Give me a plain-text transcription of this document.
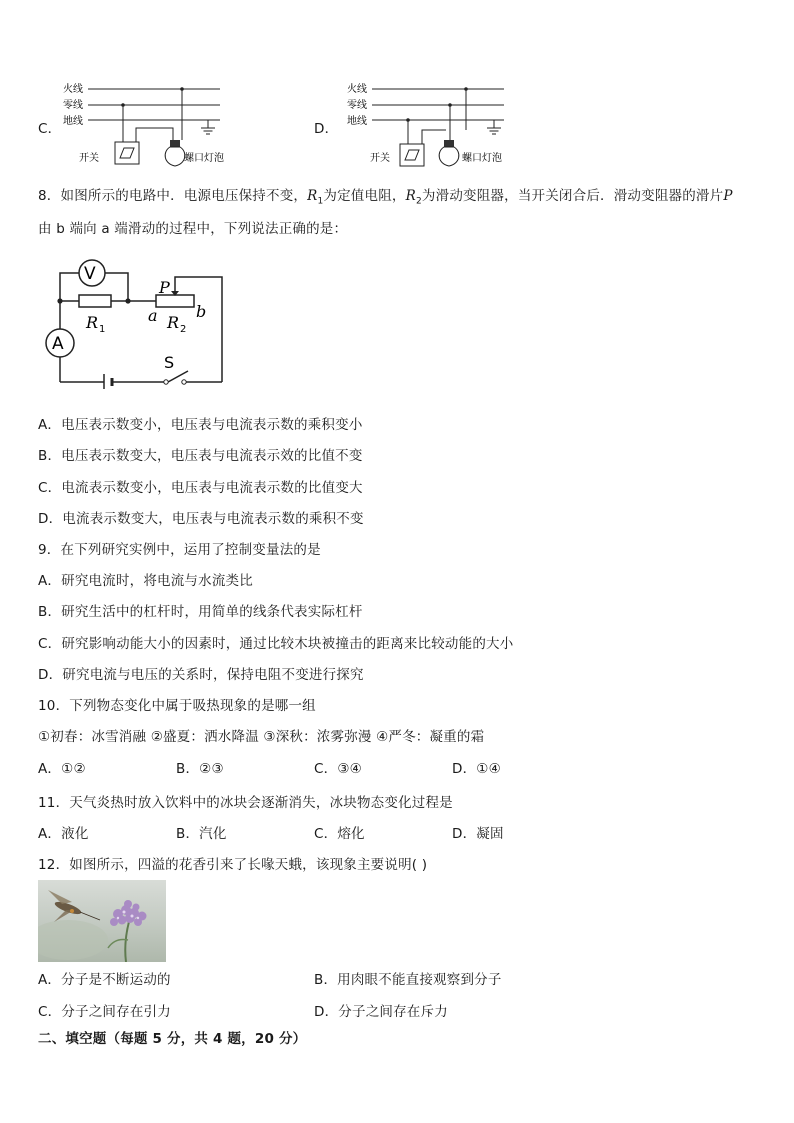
C．
火线
零线
地线
开关	螺口灯泡
D．
火线
零线
地线
开关	螺口灯泡
8．如图所示的电路中．电源电压保持不变，$R_1$为定值电阻，$R_2$为滑动变阻器，当开关闭合后．滑动变阻器的滑片P
由 b 端向 a 端滑动的过程中，下列说法正确的是：
V
A
P
R 1
a R 2
b
S
A．电压表示数变小，电压表与电流表示数的乘积变小
B．电压表示数变大，电压表与电流表示效的比值不变
C．电流表示数变小，电压表与电流表示数的比值变大
D．电流表示数变大，电压表与电流表示数的乘积不变
9．在下列研究实例中，运用了控制变量法的是
A．研究电流时，将电流与水流类比
B．研究生活中的杠杆时，用简单的线条代表实际杠杆
C．研究影响动能大小的因素时，通过比较木块被撞击的距离来比较动能的大小
D．研究电流与电压的关系时，保持电阻不变进行探究
10．下列物态变化中属于吸热现象的是哪一组
①初春：冰雪消融 ②盛夏：洒水降温 ③深秋：浓雾弥漫 ④严冬：凝重的霜
A．①②	B．②③	C．③④	D．①④
11．天气炎热时放入饮料中的冰块会逐渐消失，冰块物态变化过程是
A．液化	B．汽化	C．熔化	D．凝固
12．如图所示，四溢的花香引来了长喙天蛾，该现象主要说明( )
A．分子是不断运动的	B．用肉眼不能直接观察到分子
C．分子之间存在引力	D．分子之间存在斥力
二、填空题（每题 5 分，共 4 题，20 分）
